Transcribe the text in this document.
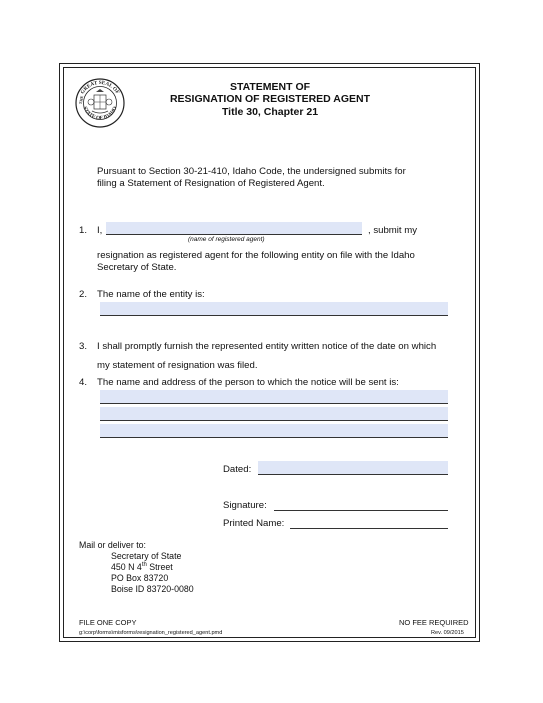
GREAT SEAL OF
STATE OF IDAHO
THE
STATEMENT OF
RESIGNATION OF REGISTERED AGENT
Title 30, Chapter 21
Pursuant to Section 30-21-410, Idaho Code, the undersigned submits for
filing a Statement of Resignation of Registered Agent.
1. I,	, submit my
(name of registered agent)
resignation as registered agent for the following entity on file with the Idaho
Secretary of State.
2. The name of the entity is:
3. I shall promptly furnish the represented entity written notice of the date on which
my statement of resignation was filed.
4. The name and address of the person to which the notice will be sent is:
Dated:
Signature:
Printed Name:
Mail or deliver to:
Secretary of State
450 N 4th Street
PO Box 83720
Boise ID 83720-0080
FILE ONE COPY	NO FEE REQUIRED
g:\corp\forms\misforms\resignation_registered_agent.pmd	Rev. 09/2015
